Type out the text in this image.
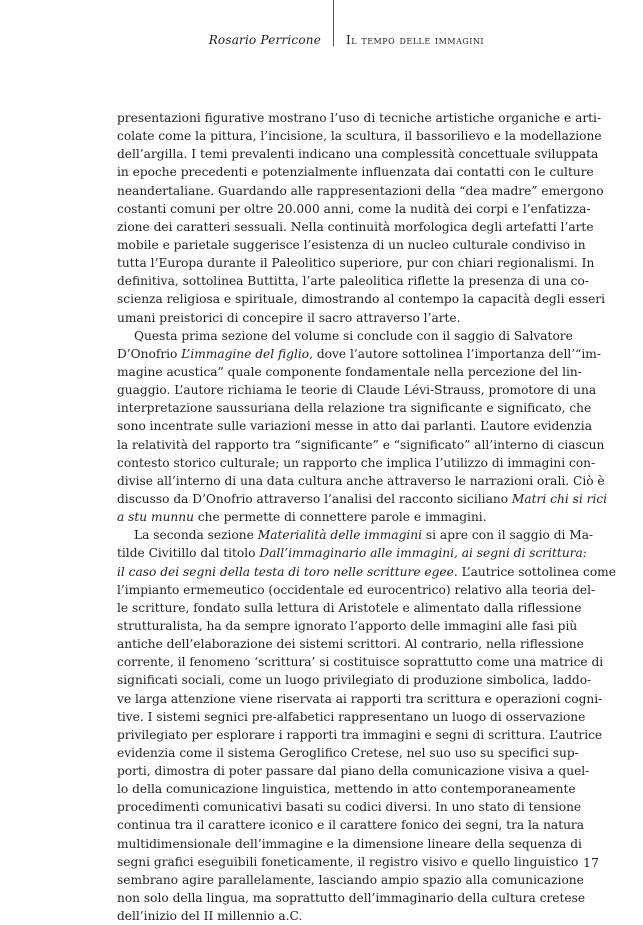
Rosario Perricone Il tempo delle immagini
presentazioni figurative mostrano l’uso di tecniche artistiche organiche e arti-
colate come la pittura, l’incisione, la scultura, il bassorilievo e la modellazione
dell’argilla. I temi prevalenti indicano una complessità concettuale sviluppata
in epoche precedenti e potenzialmente influenzata dai contatti con le culture
neandertaliane. Guardando alle rappresentazioni della “dea madre” emergono
costanti comuni per oltre 20.000 anni, come la nudità dei corpi e l’enfatizza-
zione dei caratteri sessuali. Nella continuità morfologica degli artefatti l’arte
mobile e parietale suggerisce l’esistenza di un nucleo culturale condiviso in
tutta l’Europa durante il Paleolitico superiore, pur con chiari regionalismi. In
definitiva, sottolinea Buttitta, l’arte paleolitica riflette la presenza di una co-
scienza religiosa e spirituale, dimostrando al contempo la capacità degli esseri
umani preistorici di concepire il sacro attraverso l’arte.
Questa prima sezione del volume si conclude con il saggio di Salvatore
D’Onofrio L’immagine del figlio, dove l’autore sottolinea l’importanza dell’“im-
magine acustica” quale componente fondamentale nella percezione del lin-
guaggio. L’autore richiama le teorie di Claude Lévi-Strauss, promotore di una
interpretazione saussuriana della relazione tra significante e significato, che
sono incentrate sulle variazioni messe in atto dai parlanti. L’autore evidenzia
la relatività del rapporto tra “significante” e “significato” all’interno di ciascun
contesto storico culturale; un rapporto che implica l’utilizzo di immagini con-
divise all’interno di una data cultura anche attraverso le narrazioni orali. Ciò è
discusso da D’Onofrio attraverso l’analisi del racconto siciliano Matri chi si rici
a stu munnu che permette di connettere parole e immagini.
La seconda sezione Materialità delle immagini si apre con il saggio di Ma-
tilde Civitillo dal titolo Dall’immaginario alle immagini, ai segni di scrittura:
il caso dei segni della testa di toro nelle scritture egee. L’autrice sottolinea come
l’impianto ermemeutico (occidentale ed eurocentrico) relativo alla teoria del-
le scritture, fondato sulla lettura di Aristotele e alimentato dalla riflessione
strutturalista, ha da sempre ignorato l’apporto delle immagini alle fasi più
antiche dell’elaborazione dei sistemi scrittori. Al contrario, nella riflessione
corrente, il fenomeno ‘scrittura’ si costituisce soprattutto come una matrice di
significati sociali, come un luogo privilegiato di produzione simbolica, laddo-
ve larga attenzione viene riservata ai rapporti tra scrittura e operazioni cogni-
tive. I sistemi segnici pre-alfabetici rappresentano un luogo di osservazione
privilegiato per esplorare i rapporti tra immagini e segni di scrittura. L’autrice
evidenzia come il sistema Geroglifico Cretese, nel suo uso su specifici sup-
porti, dimostra di poter passare dal piano della comunicazione visiva a quel-
lo della comunicazione linguistica, mettendo in atto contemporaneamente
procedimenti comunicativi basati su codici diversi. In uno stato di tensione
continua tra il carattere iconico e il carattere fonico dei segni, tra la natura
multidimensionale dell’immagine e la dimensione lineare della sequenza di
segni grafici eseguibili foneticamente, il registro visivo e quello linguistico
sembrano agire parallelamente, lasciando ampio spazio alla comunicazione
non solo della lingua, ma soprattutto dell’immaginario della cultura cretese
dell’inizio del II millennio a.C.
17
